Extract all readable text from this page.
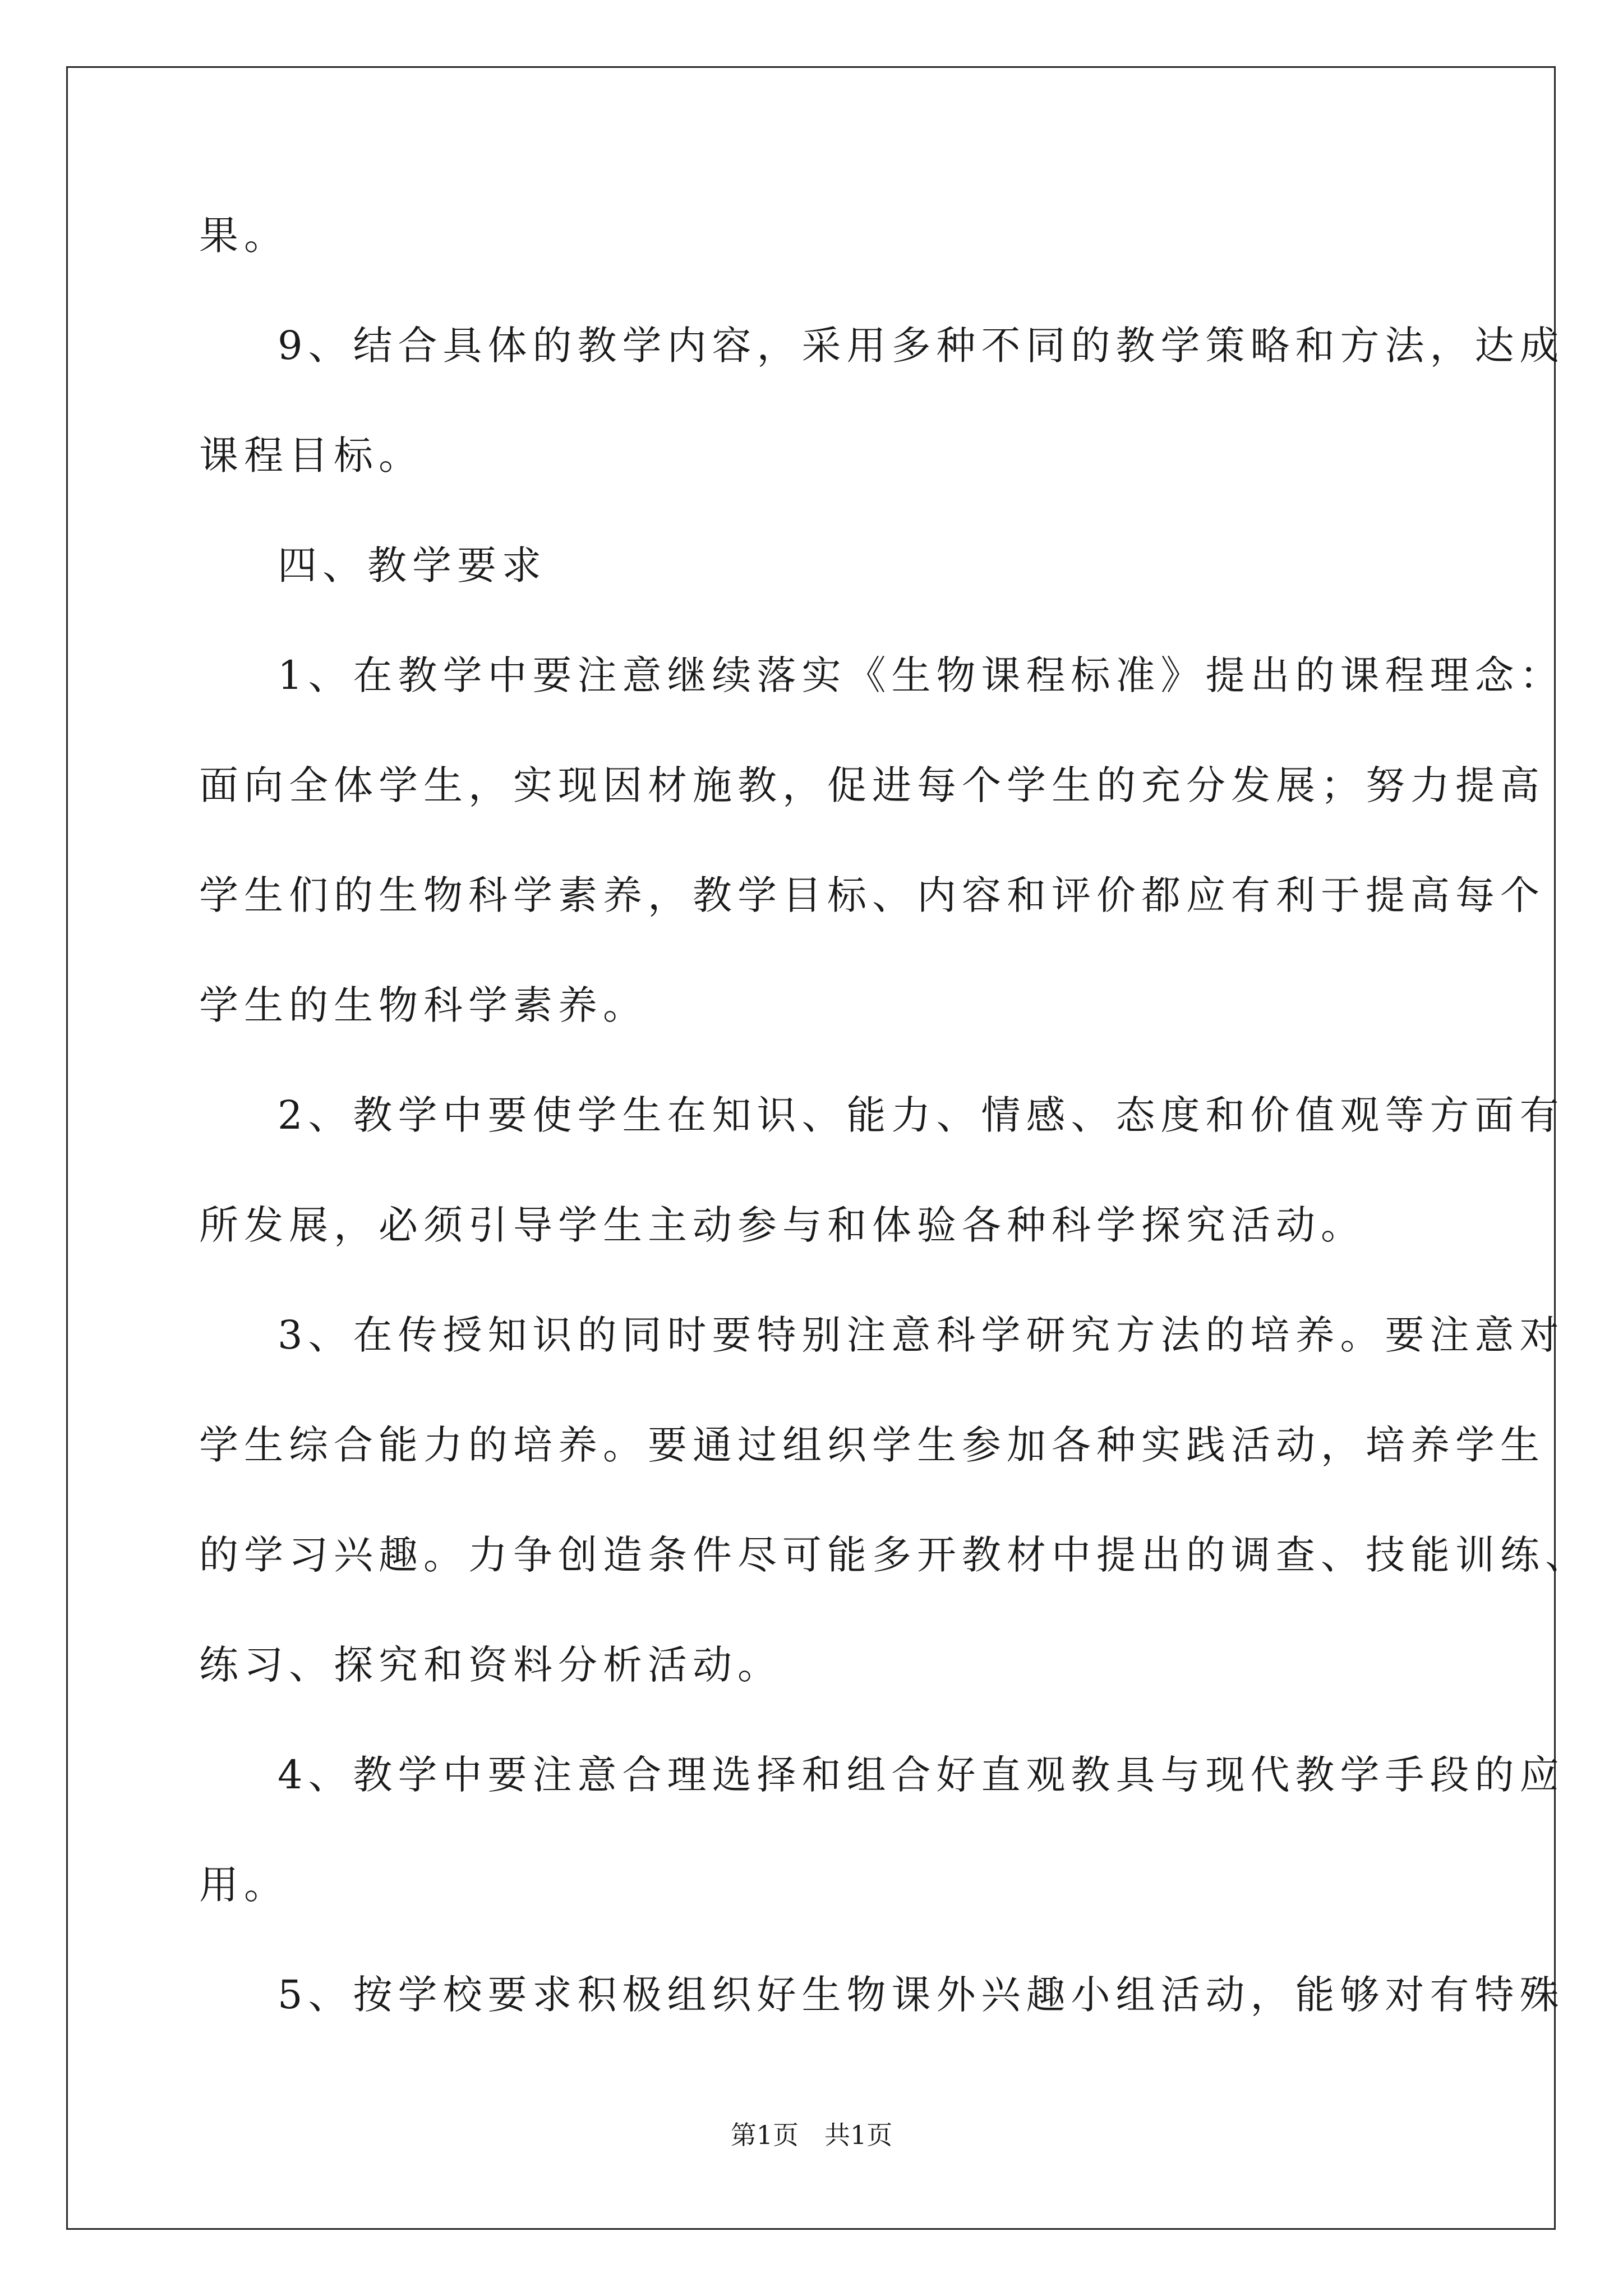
果。
9、结合具体的教学内容，采用多种不同的教学策略和方法，达成
课程目标。
四、教学要求
1、在教学中要注意继续落实《生物课程标准》提出的课程理念：
面向全体学生，实现因材施教，促进每个学生的充分发展；努力提高
学生们的生物科学素养，教学目标、内容和评价都应有利于提高每个
学生的生物科学素养。
2、教学中要使学生在知识、能力、情感、态度和价值观等方面有
所发展，必须引导学生主动参与和体验各种科学探究活动。
3、在传授知识的同时要特别注意科学研究方法的培养。要注意对
学生综合能力的培养。要通过组织学生参加各种实践活动，培养学生
的学习兴趣。力争创造条件尽可能多开教材中提出的调查、技能训练、
练习、探究和资料分析活动。
4、教学中要注意合理选择和组合好直观教具与现代教学手段的应
用。
5、按学校要求积极组织好生物课外兴趣小组活动，能够对有特殊
第1页 共1页
